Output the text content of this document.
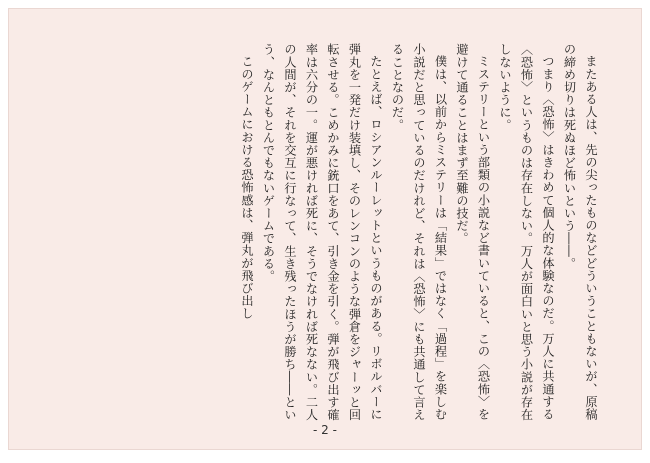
またある人は、先の尖ったものなどどういうこともないが、原稿の締め切りは死ぬほど怖いという――。
つまり〈恐怖〉はきわめて個人的な体験なのだ。万人に共通する〈恐怖〉というものは存在しない。万人が面白いと思う小説が存在しないように。
ミステリーという部類の小説など書いていると、この〈恐怖〉を避けて通ることはまず至難の技だ。
僕は、以前からミステリーは「結果」ではなく「過程」を楽しむ小説だと思っているのだけれど、それは〈恐怖〉にも共通して言えることなのだ。
たとえば、ロシアンルーレットというものがある。リボルバーに弾丸を一発だけ装填し、そのレンコンのような弾倉をジャーッと回転させる。こめかみに銃口をあて、引き金を引く。弾が飛び出す確率は六分の一。運が悪ければ死に、そうでなければ死なない。二人の人間が、それを交互に行なって、生き残ったほうが勝ち――という、なんともとんでもないゲームである。
このゲームにおける恐怖感は、弾丸が飛び出し
- 2 -
